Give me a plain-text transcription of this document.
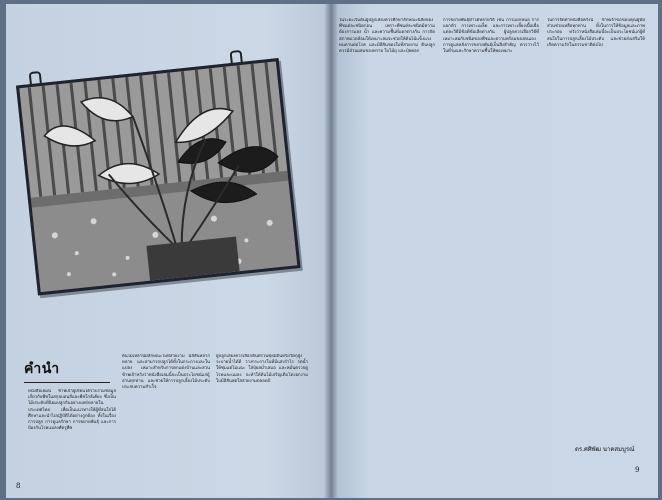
คำนำ

หนังสือเล่มนี้ ข้าพเจ้าผู้เขียนได้รวบรวมข้อมูลเกี่ยวกับพืชในสกุลบอนสีและพืชใกล้เคียง ซึ่งเป็นไม้ประดับที่นิยมปลูกกันอย่างแพร่หลายในประเทศไทย เพื่อเป็นแนวทางให้ผู้ที่สนใจได้ศึกษาและนำไปปฏิบัติได้อย่างถูกต้อง ทั้งในเรื่องการปลูก การดูแลรักษา การขยายพันธุ์ และการป้องกันโรคแมลงศัตรูพืช

ต้นไม้เหล่านี้มีลักษณะใบที่สวยงาม มีสีสันหลากหลาย และสามารถปลูกได้ทั้งในกระถางและในแปลง เหมาะสำหรับการตกแต่งบ้านและสวน ข้าพเจ้าหวังว่าหนังสือเล่มนี้จะเป็นประโยชน์แก่ผู้อ่านทุกท่าน และช่วยให้การปลูกเลี้ยงไม้ประดับประสบความสำเร็จ

ผู้ปลูกเลี้ยงควรเลือกดินที่ร่วนซุยมีอินทรียวัตถุสูง ระบายน้ำได้ดี วางกระถางในที่มีแสงรำไร รดน้ำให้ชุ่มแต่ไม่แฉะ ใส่ปุ๋ยสม่ำเสมอ และหมั่นตรวจดูโรคและแมลง จะทำให้ต้นไม้เจริญเติบโตงอกงาม ใบมีสีสันสดใสสวยงามตลอดปี

8

ในระยะเริ่มต้นผู้ปลูกเลี้ยงควรศึกษาลักษณะนิสัยของพืชแต่ละชนิดก่อน เพราะพืชแต่ละชนิดมีความต้องการแสง น้ำ และความชื้นที่แตกต่างกัน การจัดสภาพแวดล้อมให้เหมาะสมจะช่วยให้ต้นไม้แข็งแรง ทนทานต่อโรค และมีสีสันของใบที่สวยงาม ดินปลูกควรมีส่วนผสมของทราย ใบไม้ผุ และปุ๋ยคอก

การขยายพันธุ์ทำได้หลายวิธี เช่น การแยกหน่อ การแยกหัว การเพาะเมล็ด และการเพาะเลี้ยงเนื้อเยื่อ แต่ละวิธีมีข้อดีข้อเสียต่างกัน ผู้ปลูกควรเลือกวิธีที่เหมาะสมกับชนิดของพืชและความพร้อมของตนเอง การดูแลหลังการขยายพันธุ์เป็นสิ่งสำคัญ ควรวางไว้ในที่ร่มและรักษาความชื้นให้พอเหมาะ

ในการจัดทำหนังสือครั้งนี้ ข้าพเจ้าขอขอบคุณผู้ที่มีส่วนช่วยเหลือทุกท่าน ทั้งในการให้ข้อมูลและภาพประกอบ หวังว่าหนังสือเล่มนี้จะเป็นประโยชน์แก่ผู้ที่สนใจในการปลูกเลี้ยงไม้ประดับ และช่วยส่งเสริมให้เกิดความรักในธรรมชาติต่อไป

ดร.ศศิพัฒ นาคสมบูรณ์
9
